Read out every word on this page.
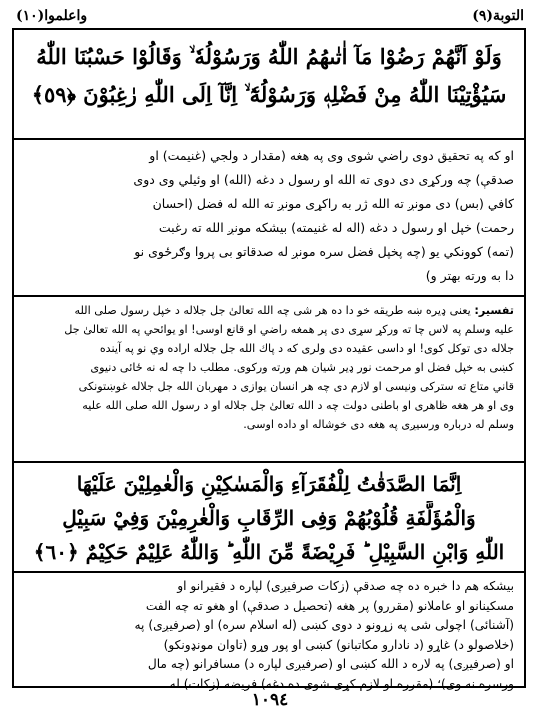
واعلموا(١٠)	التوبة(٩)
وَلَوْ اَنَّهُمْ رَضُوْا مَآ اٰتٰىهُمُ اللّٰهُ وَرَسُوْلُهٗ ۙ وَقَالُوْا حَسْبُنَا اللّٰهُ
سَيُؤْتِيْنَا اللّٰهُ مِنْ فَضْلِهٖ وَرَسُوْلُهٗٓ ۙ اِنَّآ اِلَى اللّٰهِ رٰغِبُوْنَ ﴿٥٩﴾
او كه په تحقيق دوى راضي شوى وى په هغه (مقدار د ولجي (غنيمت) او
صدقې) چه وركړى دى دوى ته الله او رسول د دغه (الله) او وئيلي وى دوى
كافي (بس) دى مونږ ته الله ژر به راكړى مونږ ته الله له فضل (احسان
رحمت) خپل او رسول د دغه (اله له غنيمته) بيشكه مونږ الله ته رغبت
(تمه) كوونكي يو (چه پخپل فضل سره مونږ له صدقاتو بى پروا وګرځوى نو
دا به ورته بهتر و)
تفسير: يعنى ډيره ښه طريقه خو دا ده هر شى چه الله تعالىٰ جل جلاله د خپل رسول صلى الله
عليه وسلم په لاس چا ته وركړ سړى دى پر همغه راضي او قانع اوسى! او يوائحي په الله تعالىٰ جل
جلاله دى توكل كوى! او داسى عقيده دى ولرى كه د پاك الله جل جلاله اراده وي نو په آينده
كښى به خپل فضل او مرحمت نور ډير شيان هم ورته وركوى. مطلب دا چه له نه ځائى دنيوى
قاني متاع ته ستركى ونيسى او لازم دى چه هر انسان يوازى د مهربان الله جل جلاله غوښتونكى
وى او هر هغه ظاهرى او باطنى دولت چه د الله تعالىٰ جل جلاله او د رسول الله صلى الله عليه
وسلم له درباره ورسيږى په هغه دى خوشاله او داده اوسى.
اِنَّمَا الصَّدَقٰتُ لِلْفُقَرَآءِ وَالْمَسٰكِيْنِ وَالْعٰمِلِيْنَ عَلَيْهَا
وَالْمُؤَلَّفَةِ قُلُوْبُهُمْ وَفِى الرِّقَابِ وَالْغٰرِمِيْنَ وَفِيْ سَبِيْلِ
اللّٰهِ وَابْنِ السَّبِيْلِ ؕ فَرِيْضَةً مِّنَ اللّٰهِ ؕ وَاللّٰهُ عَلِيْمٌ حَكِيْمٌ ﴿٦٠﴾
بيشكه هم دا خبره ده چه صدقې (زكات صرفيږى) لپاره د فقيرانو او
مسكينانو او عاملانو (مقررو) پر هغه (تحصيل د صدقې) او هغو ته چه الفت
(آشنائى) اچولى شى په زړونو د دوى كښى (له اسلام سره) او (صرفيږى) په
(خلاصولو د) غاړو (د نادارو مكاتبانو) كښى او پور وړو (تاوان مونډونكو)
او (صرفيږى) په لاره د الله كښى او (صرفيږى لپاره د) مسافرانو (چه مال
ورسره نه وى)؛ (مقرره او لازم كړى شوى ده دغه) فريضه (زكات) له
١٠٩٤
